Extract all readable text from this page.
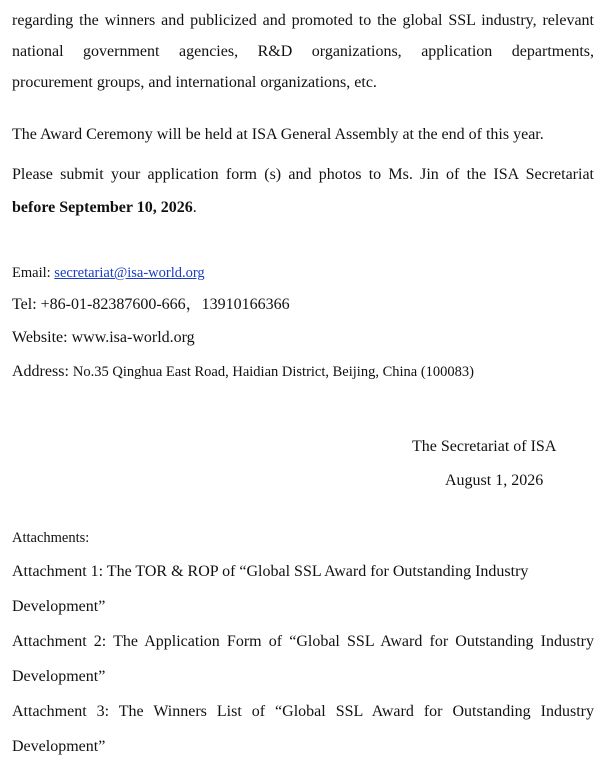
regarding the winners and publicized and promoted to the global SSL industry, relevant
national government agencies, R&D organizations, application departments,
procurement groups, and international organizations, etc.
The Award Ceremony will be held at ISA General Assembly at the end of this year.
Please submit your application form (s) and photos to Ms. Jin of the ISA Secretariat
before September 10, 2026.
Email: secretariat@isa-world.org
Tel: +86-01-82387600-666，13910166366
Website: www.isa-world.org
Address: No.35 Qinghua East Road, Haidian District, Beijing, China (100083)
The Secretariat of ISA
August 1, 2026
Attachments:
Attachment 1: The TOR & ROP of “Global SSL Award for Outstanding Industry
Development”
Attachment 2: The Application Form of “Global SSL Award for Outstanding Industry
Development”
Attachment 3: The Winners List of “Global SSL Award for Outstanding Industry
Development”
